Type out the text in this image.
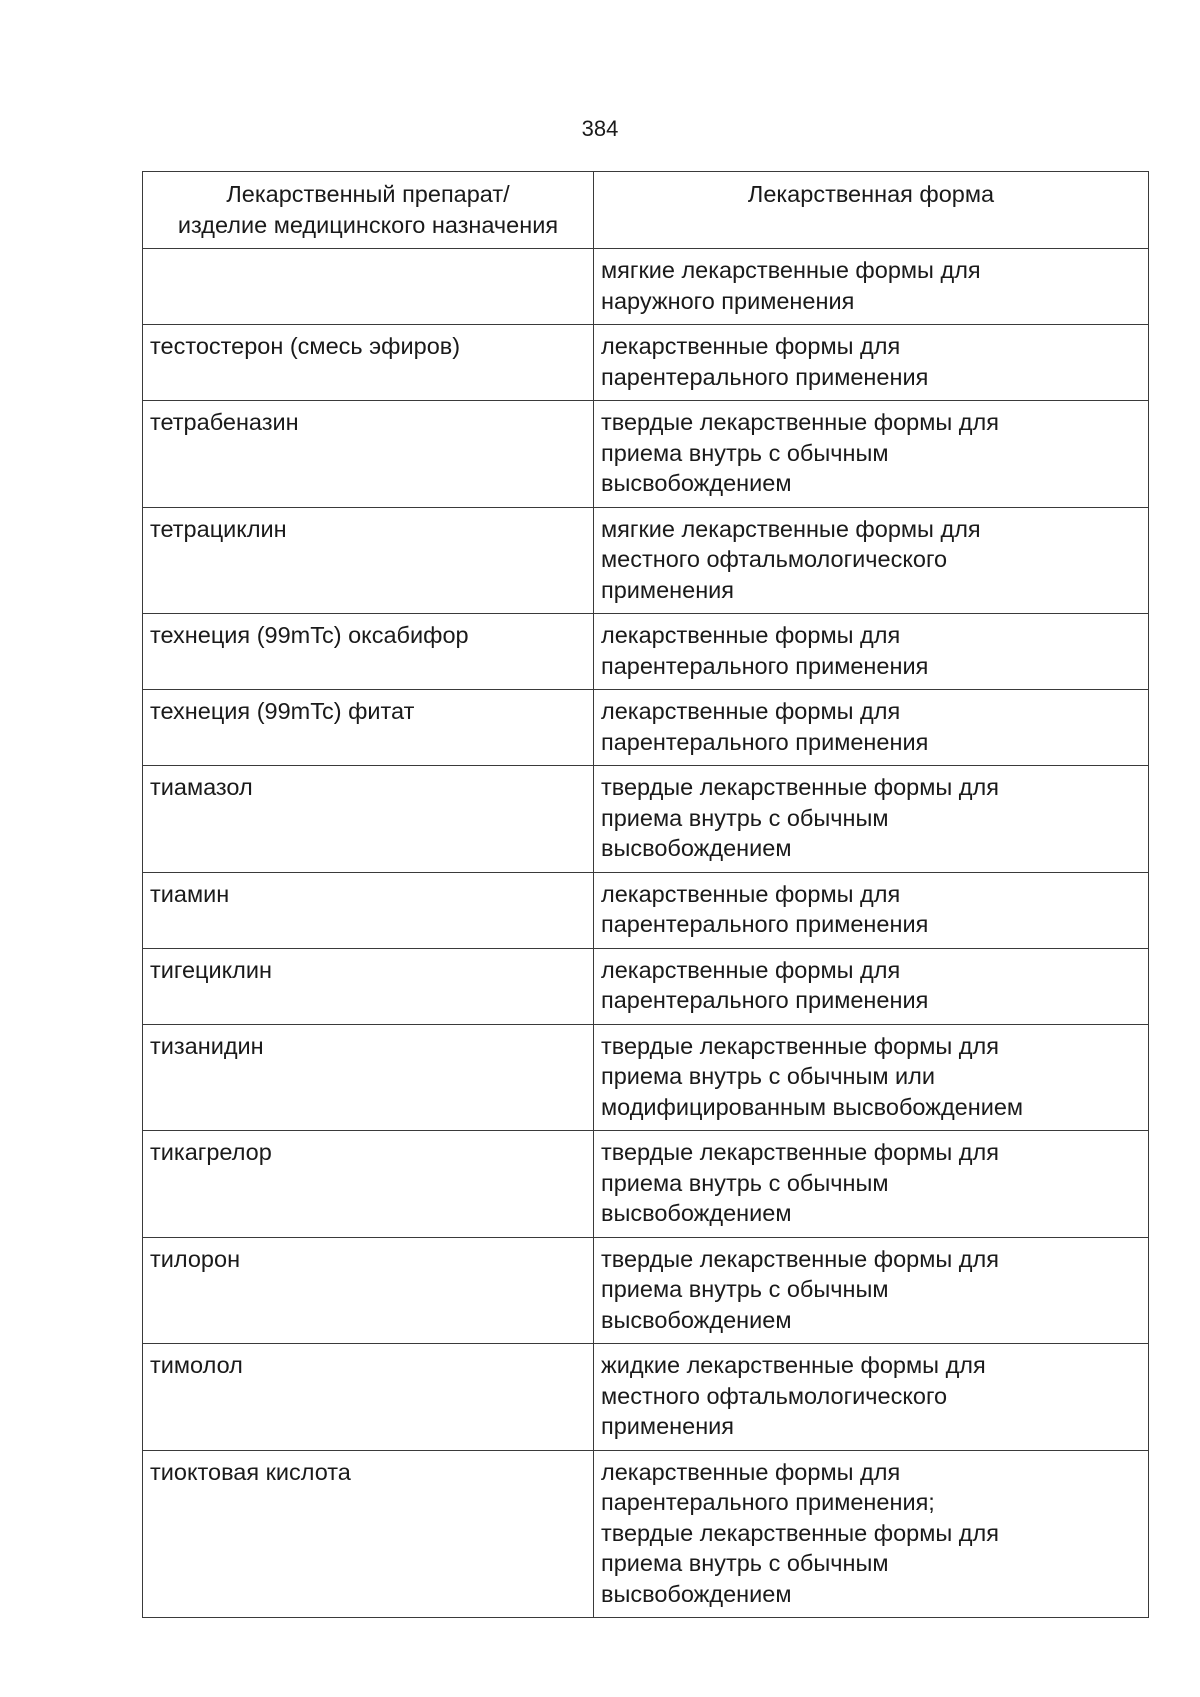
384
Лекарственный препарат/
изделие медицинского назначения	Лекарственная форма
	мягкие лекарственные формы для
наружного применения
тестостерон (смесь эфиров)	лекарственные формы для
парентерального применения
тетрабеназин	твердые лекарственные формы для
приема внутрь с обычным
высвобождением
тетрациклин	мягкие лекарственные формы для
местного офтальмологического
применения
технеция (99mTc) оксабифор	лекарственные формы для
парентерального применения
технеция (99mTc) фитат	лекарственные формы для
парентерального применения
тиамазол	твердые лекарственные формы для
приема внутрь с обычным
высвобождением
тиамин	лекарственные формы для
парентерального применения
тигециклин	лекарственные формы для
парентерального применения
тизанидин	твердые лекарственные формы для
приема внутрь с обычным или
модифицированным высвобождением
тикагрелор	твердые лекарственные формы для
приема внутрь с обычным
высвобождением
тилорон	твердые лекарственные формы для
приема внутрь с обычным
высвобождением
тимолол	жидкие лекарственные формы для
местного офтальмологического
применения
тиоктовая кислота	лекарственные формы для
парентерального применения;
твердые лекарственные формы для
приема внутрь с обычным
высвобождением
